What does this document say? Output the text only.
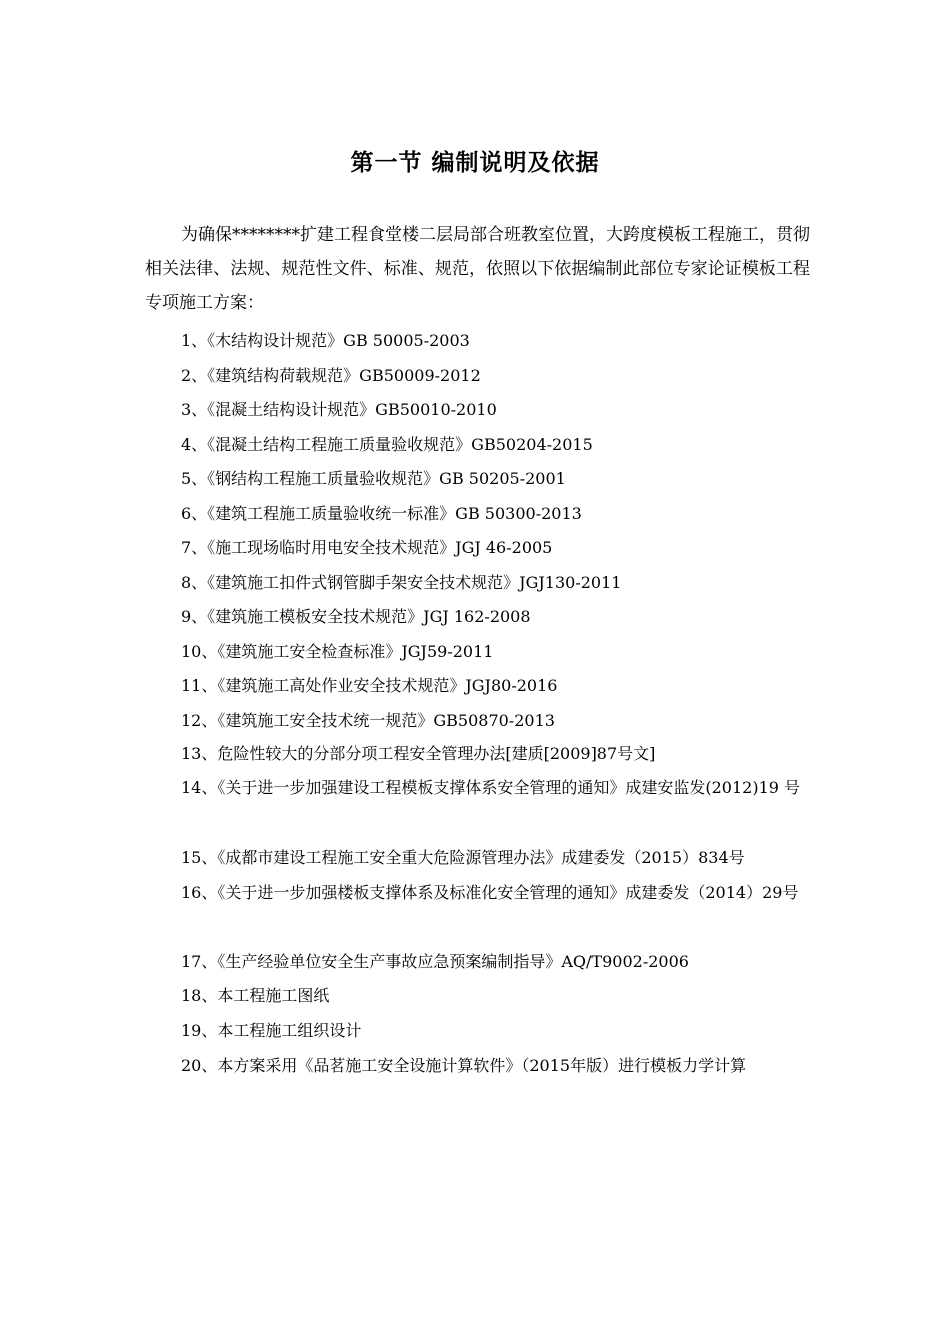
第一节 编制说明及依据

为确保********扩建工程食堂楼二层局部合班教室位置，大跨度模板工程施工，贯彻相关法律、法规、规范性文件、标准、规范，依照以下依据编制此部位专家论证模板工程专项施工方案：

1、《木结构设计规范》GB 50005-2003
2、《建筑结构荷载规范》GB50009-2012
3、《混凝土结构设计规范》GB50010-2010
4、《混凝土结构工程施工质量验收规范》GB50204-2015
5、《钢结构工程施工质量验收规范》GB 50205-2001
6、《建筑工程施工质量验收统一标准》GB 50300-2013
7、《施工现场临时用电安全技术规范》JGJ 46-2005
8、《建筑施工扣件式钢管脚手架安全技术规范》JGJ130-2011
9、《建筑施工模板安全技术规范》JGJ 162-2008
10、《建筑施工安全检查标准》JGJ59-2011
11、《建筑施工高处作业安全技术规范》JGJ80-2016
12、《建筑施工安全技术统一规范》GB50870-2013
13、危险性较大的分部分项工程安全管理办法[建质[2009]87号文]
14、《关于进一步加强建设工程模板支撑体系安全管理的通知》成建安监发(2012)19 号
15、《成都市建设工程施工安全重大危险源管理办法》成建委发（2015）834号
16、《关于进一步加强楼板支撑体系及标准化安全管理的通知》成建委发（2014）29号
17、《生产经验单位安全生产事故应急预案编制指导》AQ/T9002-2006
18、本工程施工图纸
19、本工程施工组织设计
20、本方案采用《品茗施工安全设施计算软件》（2015年版）进行模板力学计算
